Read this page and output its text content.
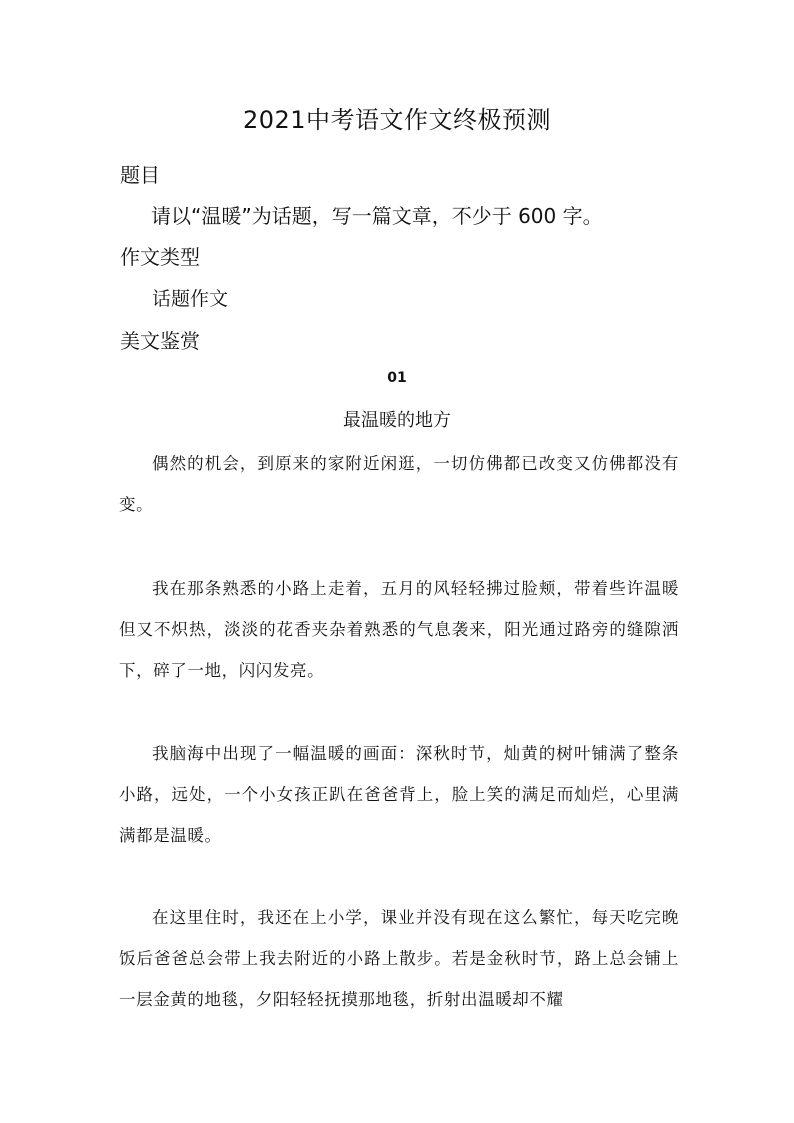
2021中考语文作文终极预测
题目
请以“温暖”为话题，写一篇文章，不少于 600 字。
作文类型
话题作文
美文鉴赏
01
最温暖的地方

偶然的机会，到原来的家附近闲逛，一切仿佛都已改变又仿佛都没有变。

我在那条熟悉的小路上走着，五月的风轻轻拂过脸颊，带着些许温暖但又不炽热，淡淡的花香夹杂着熟悉的气息袭来，阳光通过路旁的缝隙洒下，碎了一地，闪闪发亮。

我脑海中出现了一幅温暖的画面：深秋时节，灿黄的树叶铺满了整条小路，远处，一个小女孩正趴在爸爸背上，脸上笑的满足而灿烂，心里满满都是温暖。

在这里住时，我还在上小学，课业并没有现在这么繁忙，每天吃完晚饭后爸爸总会带上我去附近的小路上散步。若是金秋时节，路上总会铺上一层金黄的地毯，夕阳轻轻抚摸那地毯，折射出温暖却不耀
